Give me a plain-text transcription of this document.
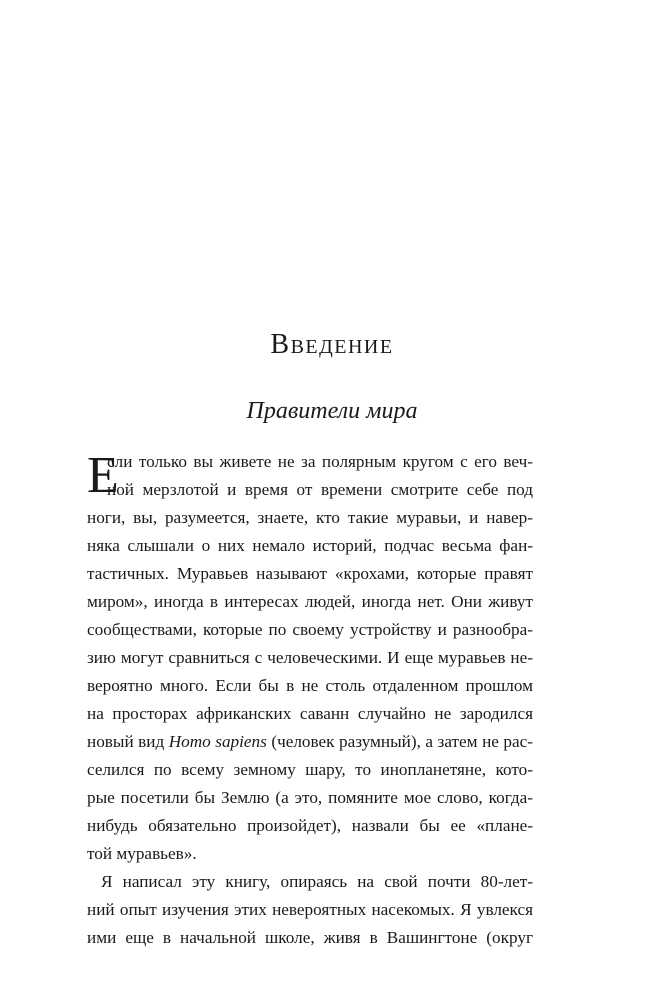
Введение
Правители мира
Е
сли только вы живете не за полярным кругом с его веч-
ной мерзлотой и время от времени смотрите себе под
ноги, вы, разумеется, знаете, кто такие муравьи, и навер-
няка слышали о них немало историй, подчас весьма фан-
тастичных. Муравьев называют «крохами, которые правят
миром», иногда в интересах людей, иногда нет. Они живут
сообществами, которые по своему устройству и разнообра-
зию могут сравниться с человеческими. И еще муравьев не-
вероятно много. Если бы в не столь отдаленном прошлом
на просторах африканских саванн случайно не зародился
новый вид Homo sapiens (человек разумный), а затем не рас-
селился по всему земному шару, то инопланетяне, кото-
рые посетили бы Землю (а это, помяните мое слово, когда-
нибудь обязательно произойдет), назвали бы ее «плане-
той муравьев».
Я написал эту книгу, опираясь на свой почти 80-лет-
ний опыт изучения этих невероятных насекомых. Я увлекся
ими еще в начальной школе, живя в Вашингтоне (округ
